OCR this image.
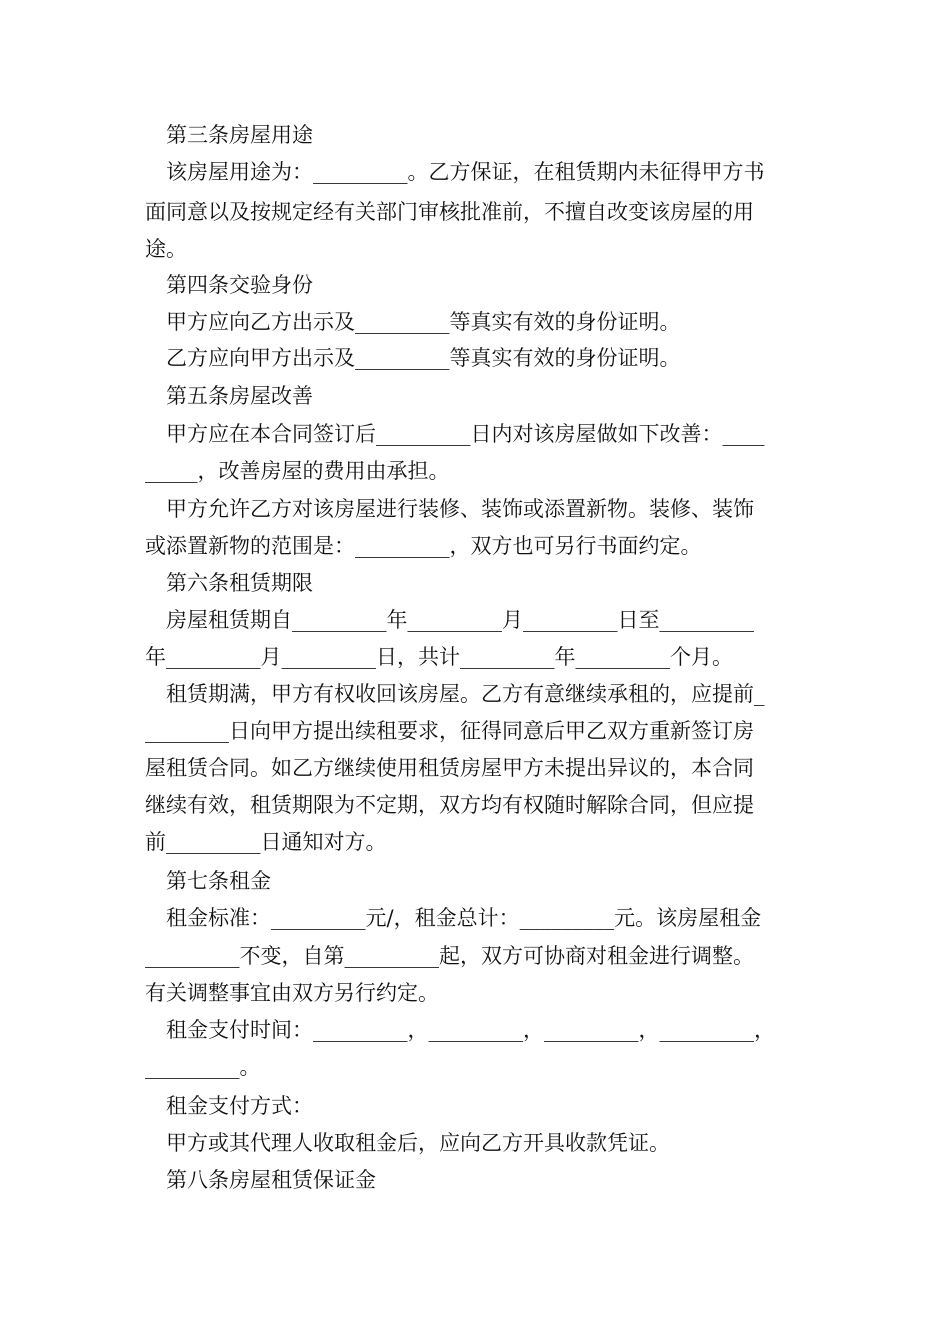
　第三条房屋用途
　该房屋用途为：_________。乙方保证，在租赁期内未征得甲方书
面同意以及按规定经有关部门审核批准前，不擅自改变该房屋的用
途。
　第四条交验身份
　甲方应向乙方出示及_________等真实有效的身份证明。
　乙方应向甲方出示及_________等真实有效的身份证明。
　第五条房屋改善
　甲方应在本合同签订后_________日内对该房屋做如下改善：____
_____，改善房屋的费用由承担。
　甲方允许乙方对该房屋进行装修、装饰或添置新物。装修、装饰
或添置新物的范围是：_________，双方也可另行书面约定。
　第六条租赁期限
　房屋租赁期自_________年_________月_________日至_________
年_________月_________日，共计_________年_________个月。
　租赁期满，甲方有权收回该房屋。乙方有意继续承租的，应提前_
________日向甲方提出续租要求，征得同意后甲乙双方重新签订房
屋租赁合同。如乙方继续使用租赁房屋甲方未提出异议的，本合同
继续有效，租赁期限为不定期，双方均有权随时解除合同，但应提
前_________日通知对方。
　第七条租金
　租金标准：_________元/，租金总计：_________元。该房屋租金
_________不变，自第_________起，双方可协商对租金进行调整。
有关调整事宜由双方另行约定。
　租金支付时间：_________，_________，_________，_________，
_________。
　租金支付方式：
　甲方或其代理人收取租金后，应向乙方开具收款凭证。
　第八条房屋租赁保证金
